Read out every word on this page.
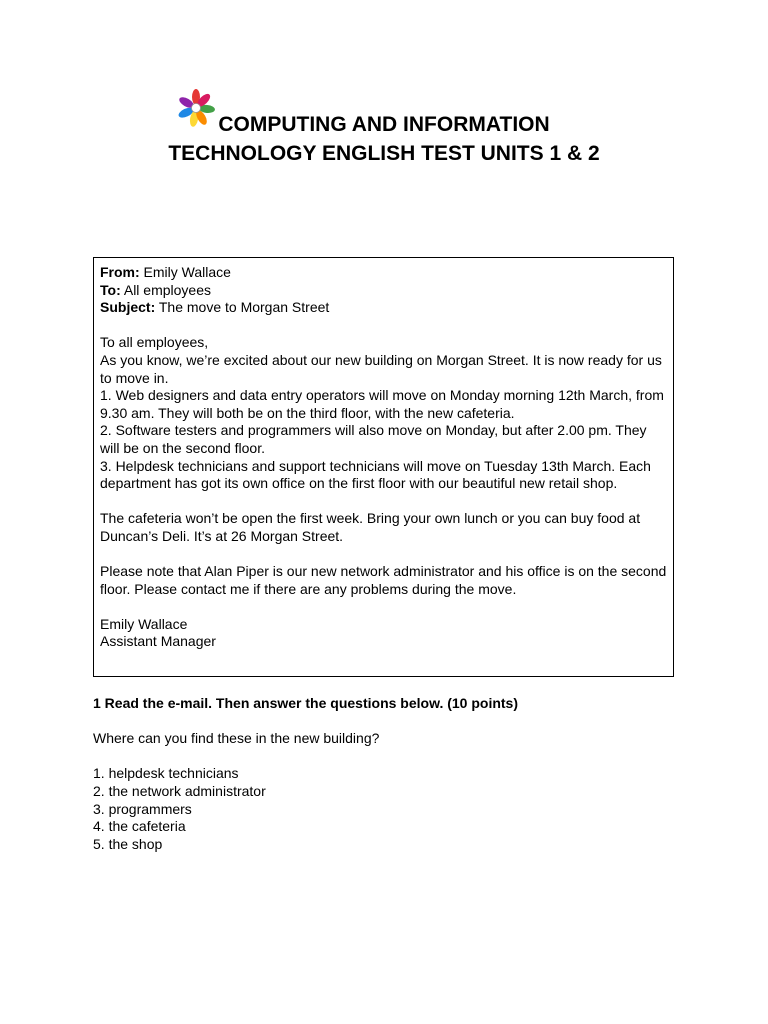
COMPUTING AND INFORMATION
TECHNOLOGY ENGLISH TEST UNITS 1 & 2

From: Emily Wallace

To: All employees

Subject: The move to Morgan Street

To all employees,

As you know, we’re excited about our new building on Morgan Street. It is now ready for us to move in.

1. Web designers and data entry operators will move on Monday morning 12th March, from 9.30 am. They will both be on the third floor, with the new cafeteria.

2. Software testers and programmers will also move on Monday, but after 2.00 pm. They will be on the second floor.

3. Helpdesk technicians and support technicians will move on Tuesday 13th March. Each department has got its own office on the first floor with our beautiful new retail shop.

The cafeteria won’t be open the first week. Bring your own lunch or you can buy food at Duncan’s Deli. It’s at 26 Morgan Street.

Please note that Alan Piper is our new network administrator and his office is on the second floor. Please contact me if there are any problems during the move.

Emily Wallace

Assistant Manager

1 Read the e-mail. Then answer the questions below. (10 points)

Where can you find these in the new building?

1. helpdesk technicians
2. the network administrator
3. programmers
4. the cafeteria
5. the shop
